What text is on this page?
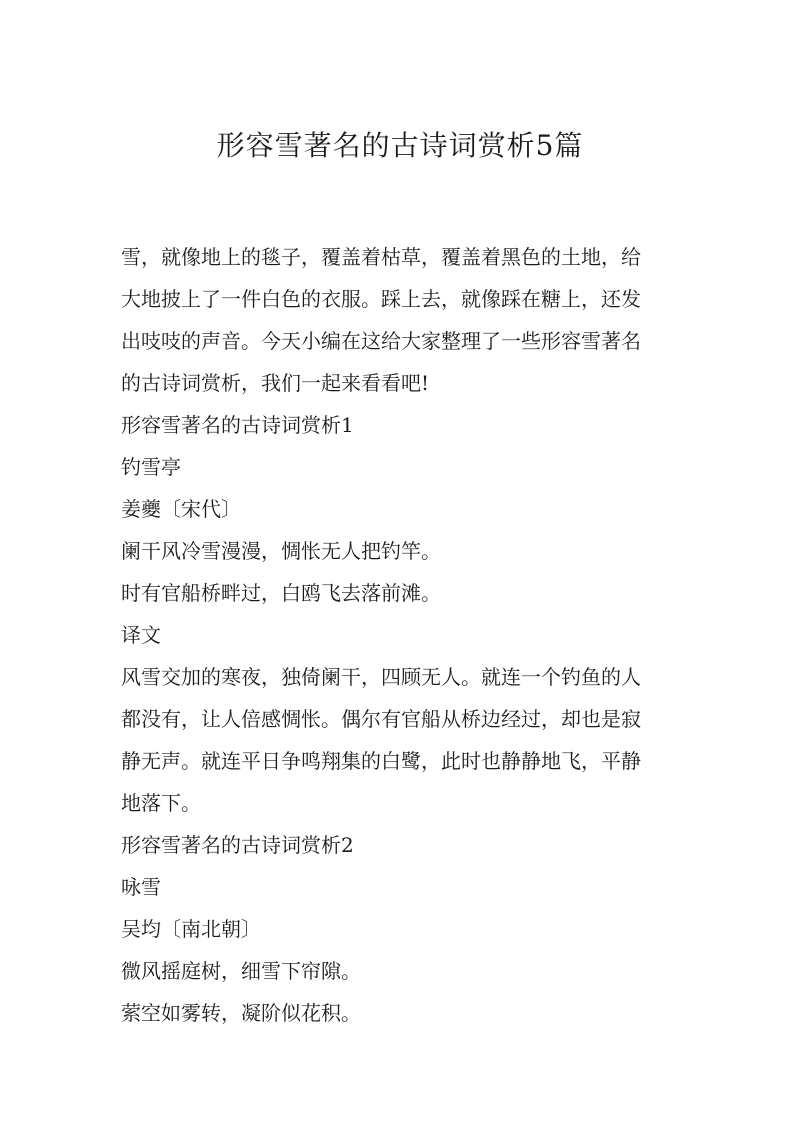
形容雪著名的古诗词赏析5篇

雪，就像地上的毯子，覆盖着枯草，覆盖着黑色的土地，给

大地披上了一件白色的衣服。踩上去，就像踩在糖上，还发

出吱吱的声音。今天小编在这给大家整理了一些形容雪著名

的古诗词赏析，我们一起来看看吧!

形容雪著名的古诗词赏析1

钓雪亭

姜夔〔宋代〕

阑干风冷雪漫漫，惆怅无人把钓竿。

时有官船桥畔过，白鸥飞去落前滩。

译文

风雪交加的寒夜，独倚阑干，四顾无人。就连一个钓鱼的人

都没有，让人倍感惆怅。偶尔有官船从桥边经过，却也是寂

静无声。就连平日争鸣翔集的白鹭，此时也静静地飞，平静

地落下。

形容雪著名的古诗词赏析2

咏雪

吴均〔南北朝〕

微风摇庭树，细雪下帘隙。

萦空如雾转，凝阶似花积。
